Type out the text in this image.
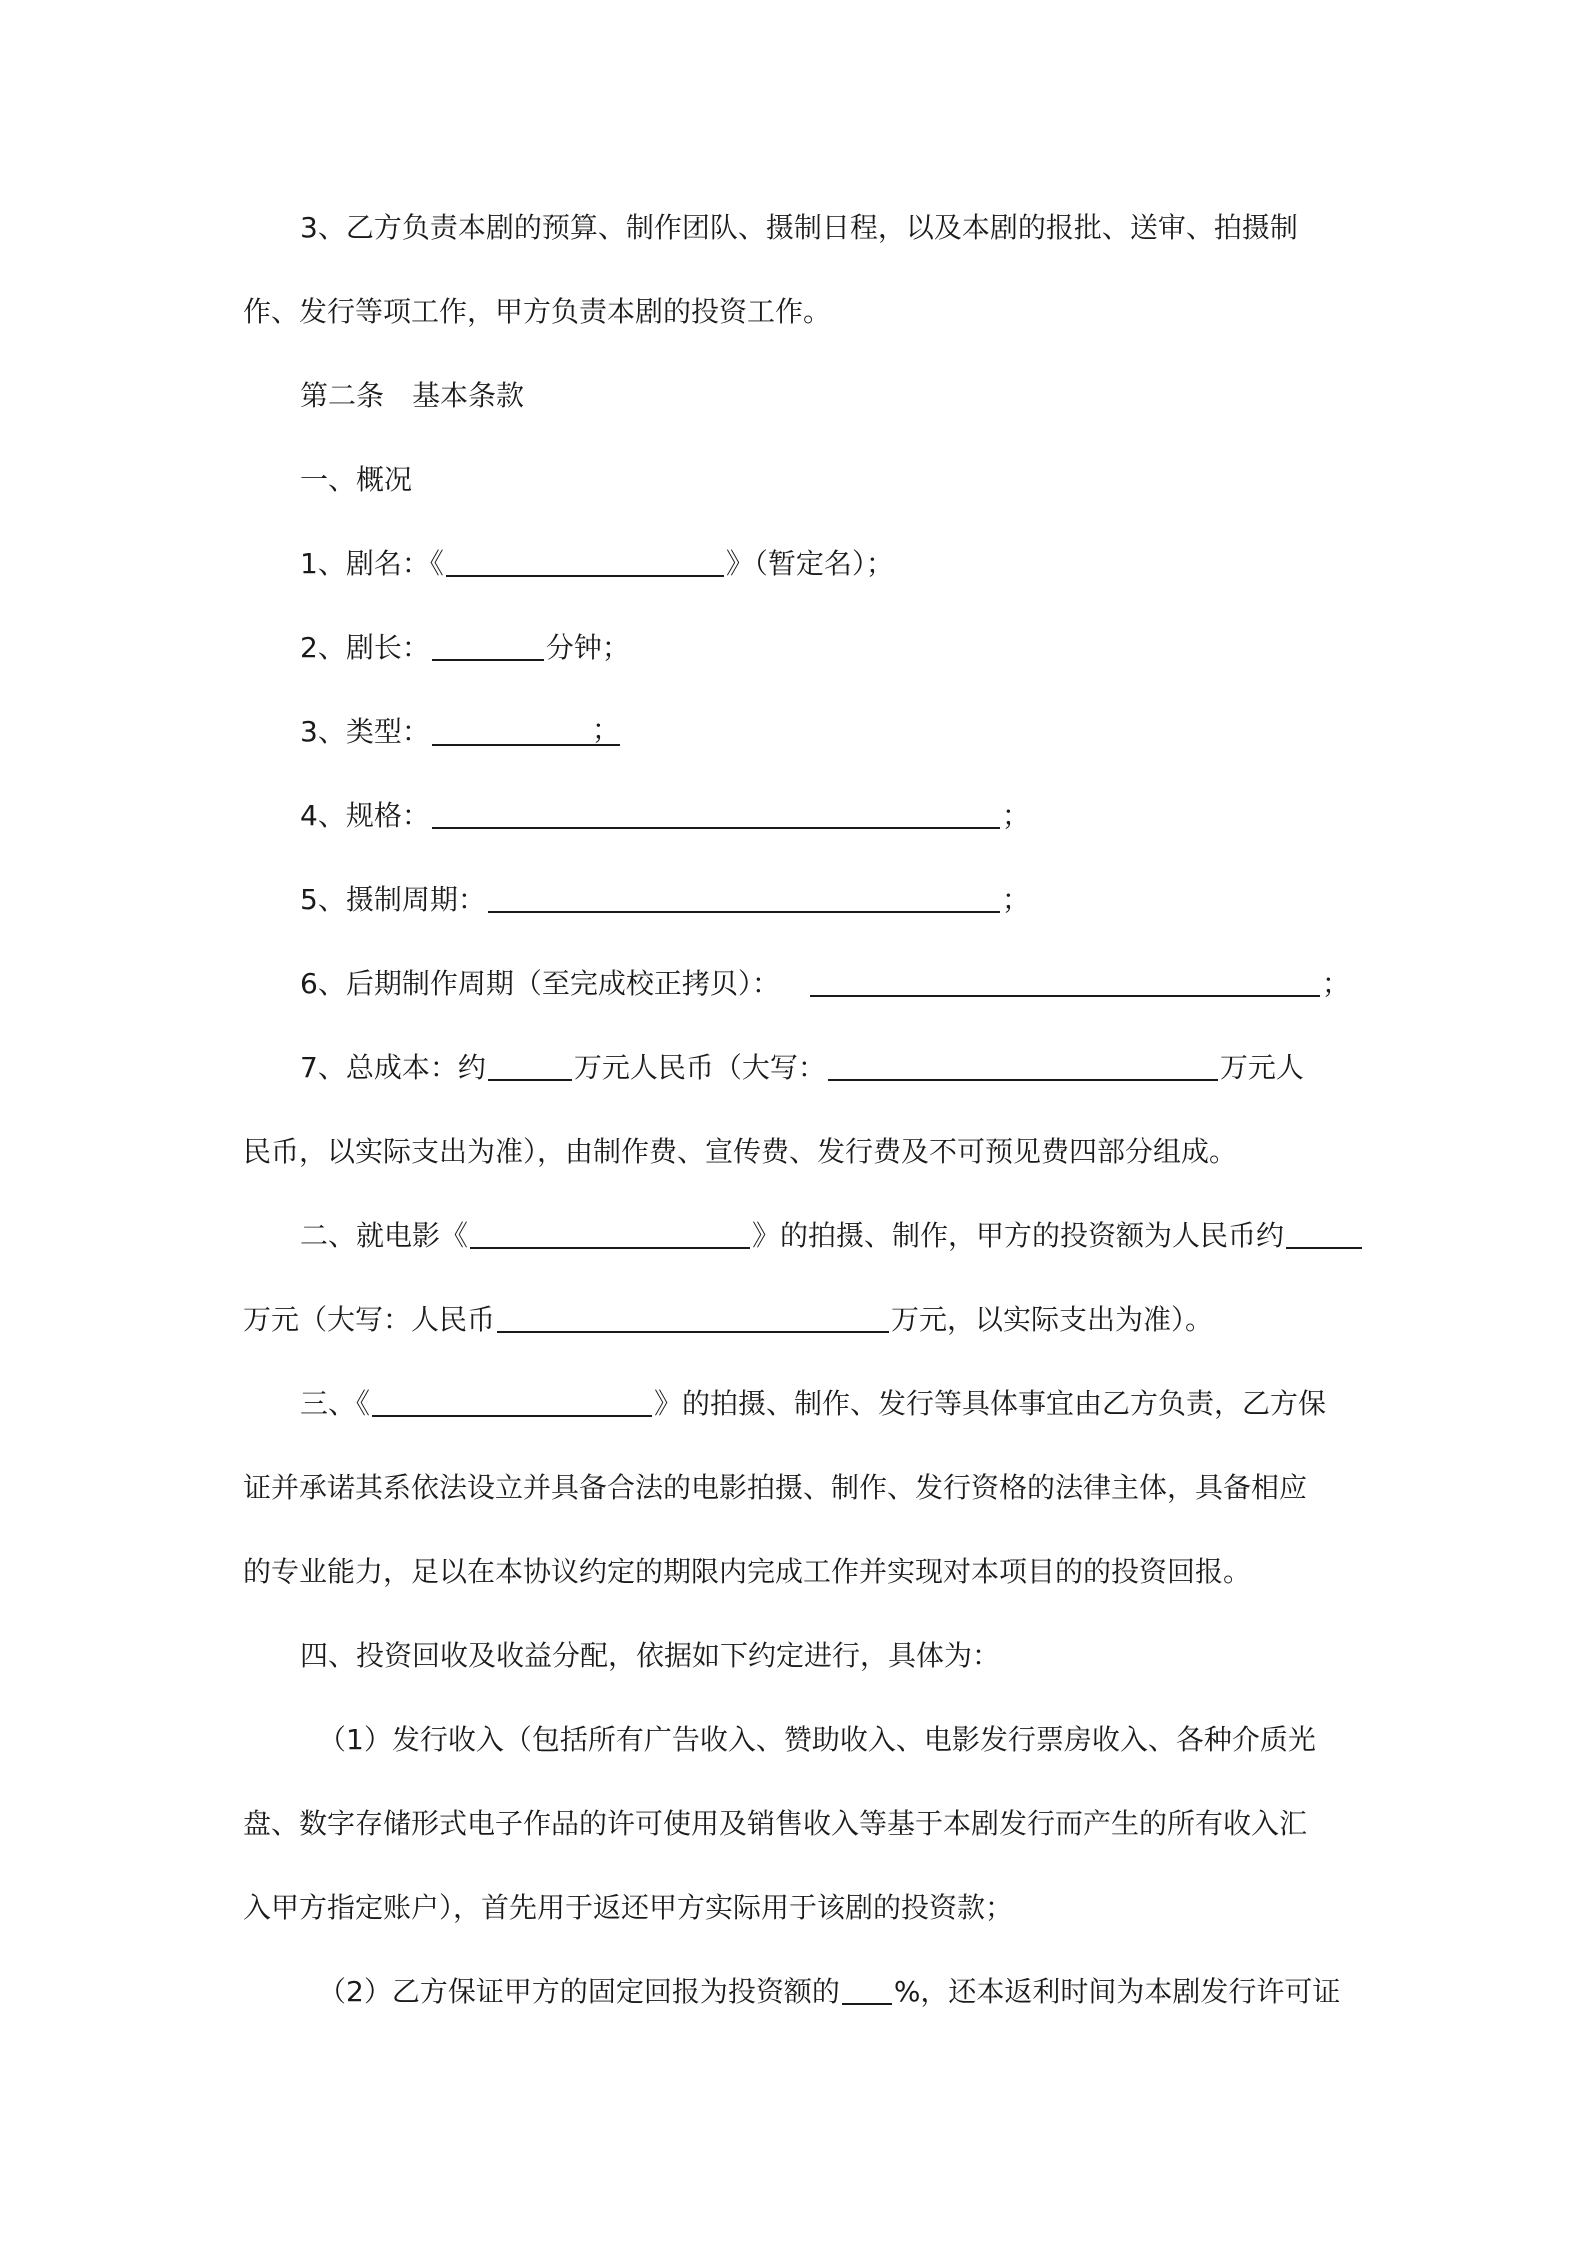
3、乙方负责本剧的预算、制作团队、摄制日程，以及本剧的报批、送审、拍摄制
作、发行等项工作，甲方负责本剧的投资工作。
第二条　基本条款
一、概况
1、剧名：《	》（暂定名）；
2、剧长：	分钟；
3、类型：	；
4、规格：	；
5、摄制周期：	；
6、后期制作周期（至完成校正拷贝）：	；
7、总成本：约	万元人民币（大写：	万元人
民币，以实际支出为准），由制作费、宣传费、发行费及不可预见费四部分组成。
二、就电影《	》的拍摄、制作，甲方的投资额为人民币约
万元（大写：人民币	万元，以实际支出为准）。
三、《	》的拍摄、制作、发行等具体事宜由乙方负责，乙方保
证并承诺其系依法设立并具备合法的电影拍摄、制作、发行资格的法律主体，具备相应
的专业能力，足以在本协议约定的期限内完成工作并实现对本项目的的投资回报。
四、投资回收及收益分配，依据如下约定进行，具体为：
（1）发行收入（包括所有广告收入、赞助收入、电影发行票房收入、各种介质光
盘、数字存储形式电子作品的许可使用及销售收入等基于本剧发行而产生的所有收入汇
入甲方指定账户），首先用于返还甲方实际用于该剧的投资款；
（2）乙方保证甲方的固定回报为投资额的 %，还本返利时间为本剧发行许可证
